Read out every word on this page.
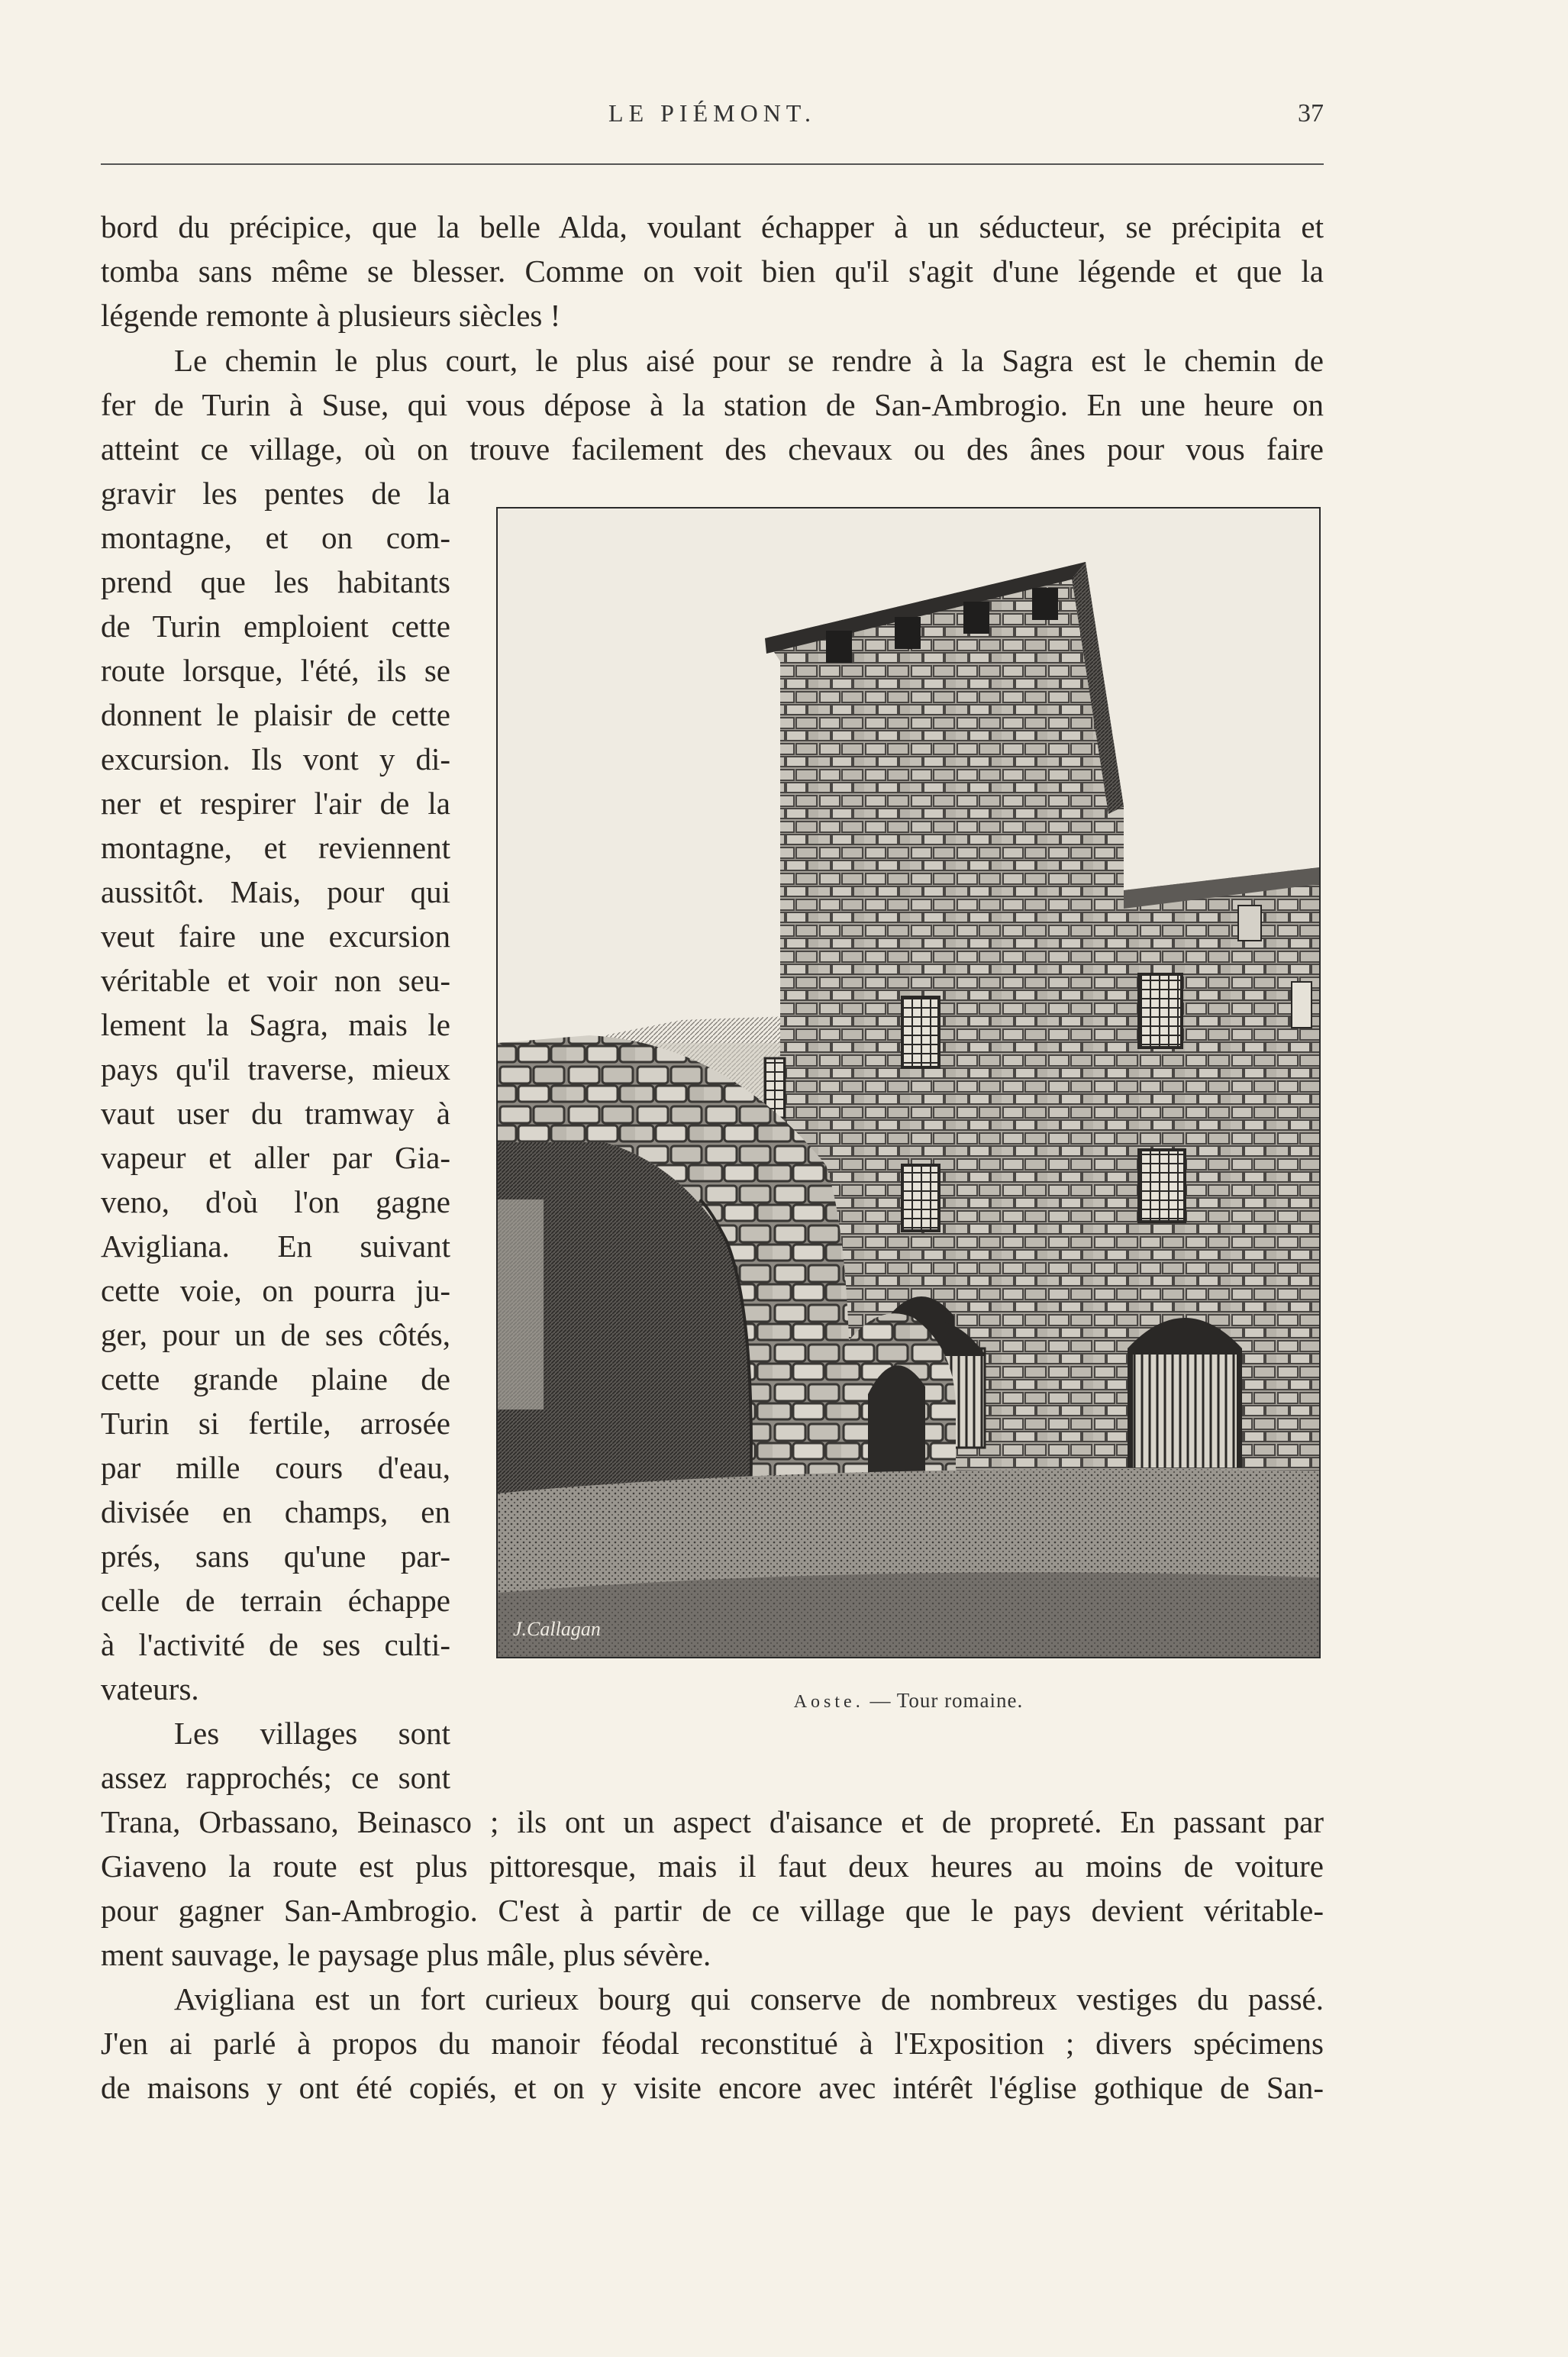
LE PIÉMONT.	37
bord du précipice, que la belle Alda, voulant échapper à un séducteur, se précipita et
tomba sans même se blesser. Comme on voit bien qu'il s'agit d'une légende et que la
légende remonte à plusieurs siècles !
Le chemin le plus court, le plus aisé pour se rendre à la Sagra est le chemin de
fer de Turin à Suse, qui vous dépose à la station de San-Ambrogio. En une heure on
atteint ce village, où on trouve facilement des chevaux ou des ânes pour vous faire
gravir les pentes de la
montagne, et on com-
prend que les habitants
de Turin emploient cette
route lorsque, l'été, ils se
donnent le plaisir de cette
excursion. Ils vont y di-
ner et respirer l'air de la
montagne, et reviennent
aussitôt. Mais, pour qui
veut faire une excursion
véritable et voir non seu-
lement la Sagra, mais le
pays qu'il traverse, mieux
vaut user du tramway à
vapeur et aller par Gia-
veno, d'où l'on gagne
Avigliana. En suivant
cette voie, on pourra ju-
ger, pour un de ses côtés,
cette grande plaine de
Turin si fertile, arrosée
par mille cours d'eau,
divisée en champs, en
prés, sans qu'une par-
celle de terrain échappe
à l'activité de ses culti-
vateurs.
Les villages sont
assez rapprochés; ce sont
Trana, Orbassano, Beinasco ; ils ont un aspect d'aisance et de propreté. En passant par
Giaveno la route est plus pittoresque, mais il faut deux heures au moins de voiture
pour gagner San-Ambrogio. C'est à partir de ce village que le pays devient véritable-
ment sauvage, le paysage plus mâle, plus sévère.
Avigliana est un fort curieux bourg qui conserve de nombreux vestiges du passé.
J'en ai parlé à propos du manoir féodal reconstitué à l'Exposition ; divers spécimens
de maisons y ont été copiés, et on y visite encore avec intérêt l'église gothique de San-
J.Callagan
Aoste. — Tour romaine.
